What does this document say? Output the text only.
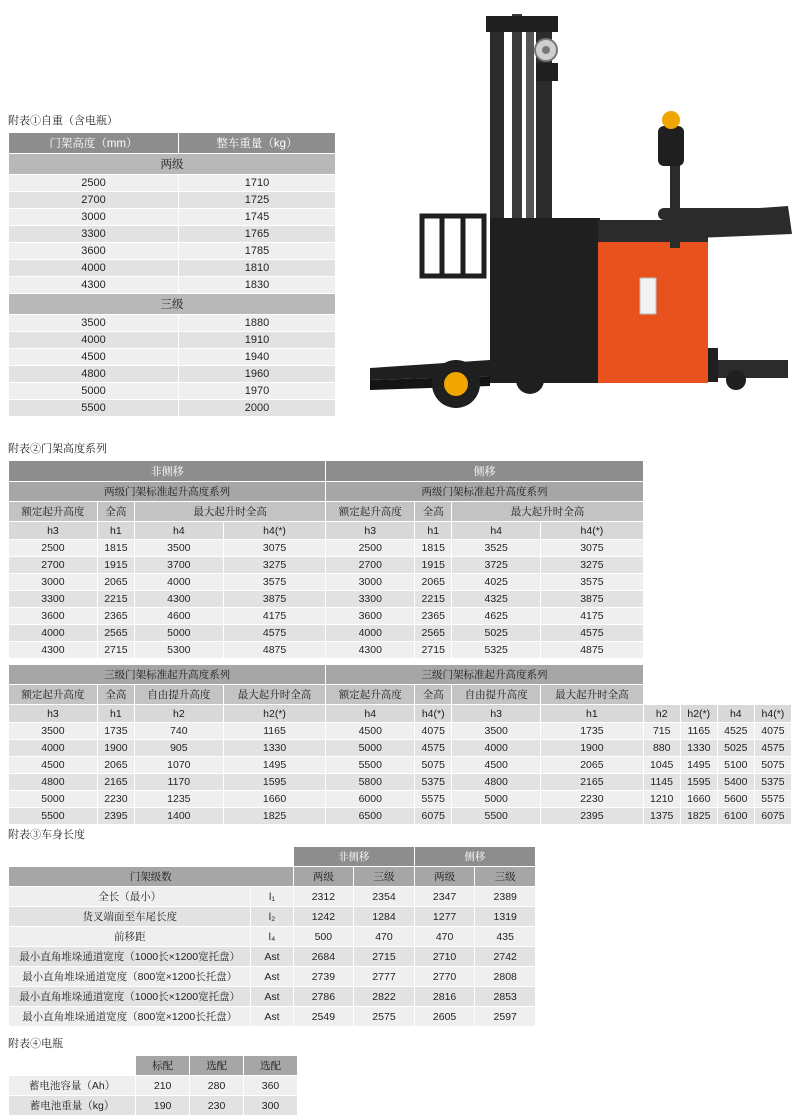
附表①自重（含电瓶）
门架高度（mm）	整车重量（kg）
两级	
2500	1710
2700	1725
3000	1745
3300	1765
3600	1785
4000	1810
4300	1830
三级	
3500	1880
4000	1910
4500	1940
4800	1960
5000	1970
5500	2000
附表②门架高度系列
非侧移				侧移							
两级门架标准起升高度系列				两级门架标准起升高度系列							
额定起升高度	全高	最大起升时全高		额定起升高度	全高	最大起升时全高					
h3	h1	h4	h4(*)	h3	h1	h4	h4(*)				
2500	1815	3500	3075	2500	1815	3525	3075				
2700	1915	3700	3275	2700	1915	3725	3275				
3000	2065	4000	3575	3000	2065	4025	3575				
3300	2215	4300	3875	3300	2215	4325	3875				
3600	2365	4600	4175	3600	2365	4625	4175				
4000	2565	5000	4575	4000	2565	5025	4575				
4300	2715	5300	4875	4300	2715	5325	4875				

三级门架标准起升高度系列				三级门架标准起升高度系列							
额定起升高度	全高	自由提升高度	最大起升时全高	额定起升高度	全高	自由提升高度	最大起升时全高				
h3	h1	h2	h2(*)	h4	h4(*)	h3	h1	h2	h2(*)	h4	h4(*)
3500	1735	740	1165	4500	4075	3500	1735	715	1165	4525	4075
4000	1900	905	1330	5000	4575	4000	1900	880	1330	5025	4575
4500	2065	1070	1495	5500	5075	4500	2065	1045	1495	5100	5075
4800	2165	1170	1595	5800	5375	4800	2165	1145	1595	5400	5375
5000	2230	1235	1660	6000	5575	5000	2230	1210	1660	5600	5575
5500	2395	1400	1825	6500	6075	5500	2395	1375	1825	6100	6075
附表③车身长度
		非侧移		侧移	
门架级数		两级	三级	两级	三级
全长（最小）	l₁	2312	2354	2347	2389
货叉端面至车尾长度	l₂	1242	1284	1277	1319
前移距	l₄	500	470	470	435
最小直角堆垛通道宽度（1000长×1200宽托盘）	Ast	2684	2715	2710	2742
最小直角堆垛通道宽度（800宽×1200长托盘）	Ast	2739	2777	2770	2808
最小直角堆垛通道宽度（1000长×1200宽托盘）	Ast	2786	2822	2816	2853
最小直角堆垛通道宽度（800宽×1200长托盘）	Ast	2549	2575	2605	2597
附表④电瓶
	标配	选配	选配
蓄电池容量（Ah）	210	280	360
蓄电池重量（kg）	190	230	300
